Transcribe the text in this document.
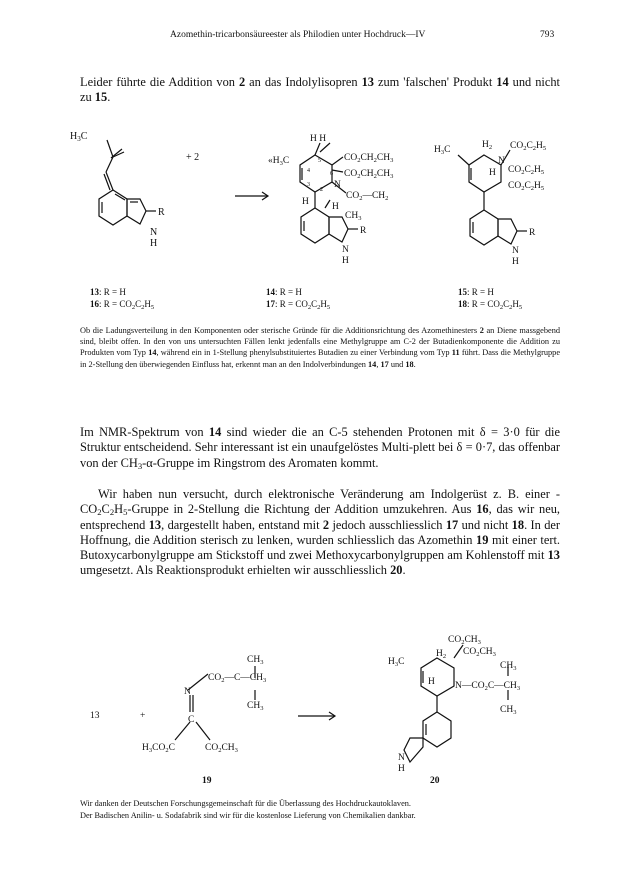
Azomethin-tricarbonsäureester als Philodien unter Hochdruck—IV	793
Leider führte die Addition von 2 an das Indolylisopren 13 zum 'falschen' Produkt 14 und nicht zu 15.
$H_3C$
+ 2
R
N
H
H H
«$H_3C$	5
4	6
3
2
$CO_2CH_2CH_3$
$CO_2CH_2CH_3$
N
$CO_2—CH_2$
H H
$CH_3$
R
N
H
$H_2$
$H_3C$
N
$CO_2C_2H_5$
H $CO_2C_2H_5$
$CO_2C_2H_5$
R
N
H
13: R = H
16: $R = CO_2C_2H_5$
14: R = H
17: $R = CO_2C_2H_5$
15: R = H
18: $R = CO_2C_2H_5$
13	+
$CH_3$
$CO_2—C—CH_3$
$CH_3$
N
C
$H_3CO_2C$	$CO_2CH_3$
19
$CO_2CH_3$
$H_2$ $CO_2CH_3$
$H_3C$	$CH_3$
H $N—CO_2C—CH_3$
$CH_3$
N
H
20
Ob die Ladungsverteilung in den Komponenten oder sterische Gründe für die Additionsrichtung des Azomethinesters 2 an Diene massgebend sind, bleibt offen. In den von uns untersuchten Fällen lenkt jedenfalls eine Methylgruppe am C-2 der Butadienkomponente die Addition zu Produkten vom Typ 14, während ein in 1-Stellung phenylsubstituiertes Butadien zu einer Verbindung vom Typ 11 führt. Dass die Methylgruppe in 2-Stellung den überwiegenden Einfluss hat, erkennt man an den Indolverbindungen 14, 17 und 18.
Im NMR-Spektrum von 14 sind wieder die an C-5 stehenden Protonen mit δ = 3·0 für die Struktur entscheidend. Sehr interessant ist ein unaufgelöstes Multi-plett bei δ = 0·7, das offenbar von der $CH_3-\alpha$-Gruppe im Ringstrom des Aromaten kommt.
Wir haben nun versucht, durch elektronische Veränderung am Indolgerüst z. B. einer - $CO_2C_2H_5$-Gruppe in 2-Stellung die Richtung der Addition umzukehren. Aus 16, das wir neu, entsprechend 13, dargestellt haben, entstand mit 2 jedoch ausschliesslich 17 und nicht 18. In der Hoffnung, die Addition sterisch zu lenken, wurden schliesslich das Azomethin 19 mit einer tert. Butoxycarbonylgruppe am Stickstoff und zwei Methoxycarbonylgruppen am Kohlenstoff mit 13 umgesetzt. Als Reaktionsprodukt erhielten wir ausschliesslich 20.
Wir danken der Deutschen Forschungsgemeinschaft für die Überlassung des Hochdruckautoklaven.
Der Badischen Anilin- u. Sodafabrik sind wir für die kostenlose Lieferung von Chemikalien dankbar.
